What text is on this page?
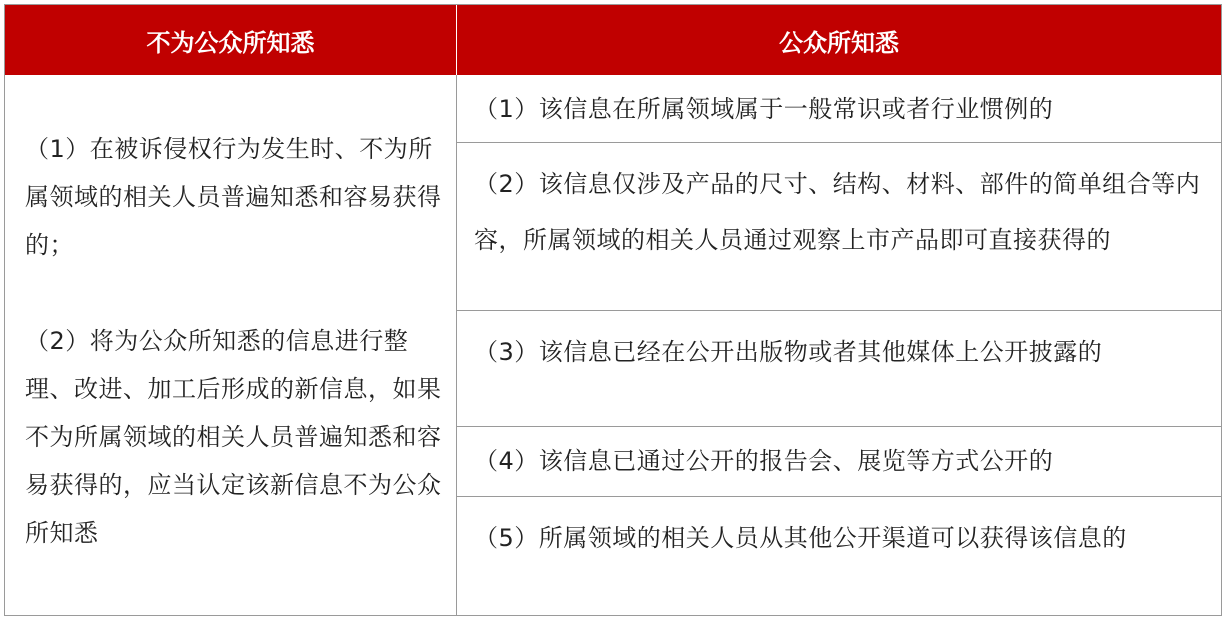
不为公众所知悉	公众所知悉
（1）在被诉侵权行为发生时、不为所属领域的相关人员普遍知悉和容易获得的；
（2）将为公众所知悉的信息进行整理、改进、加工后形成的新信息，如果不为所属领域的相关人员普遍知悉和容易获得的，应当认定该新信息不为公众所知悉
（1）该信息在所属领域属于一般常识或者行业惯例的
（2）该信息仅涉及产品的尺寸、结构、材料、部件的简单组合等内容，所属领域的相关人员通过观察上市产品即可直接获得的
（3）该信息已经在公开出版物或者其他媒体上公开披露的
（4）该信息已通过公开的报告会、展览等方式公开的
（5）所属领域的相关人员从其他公开渠道可以获得该信息的
